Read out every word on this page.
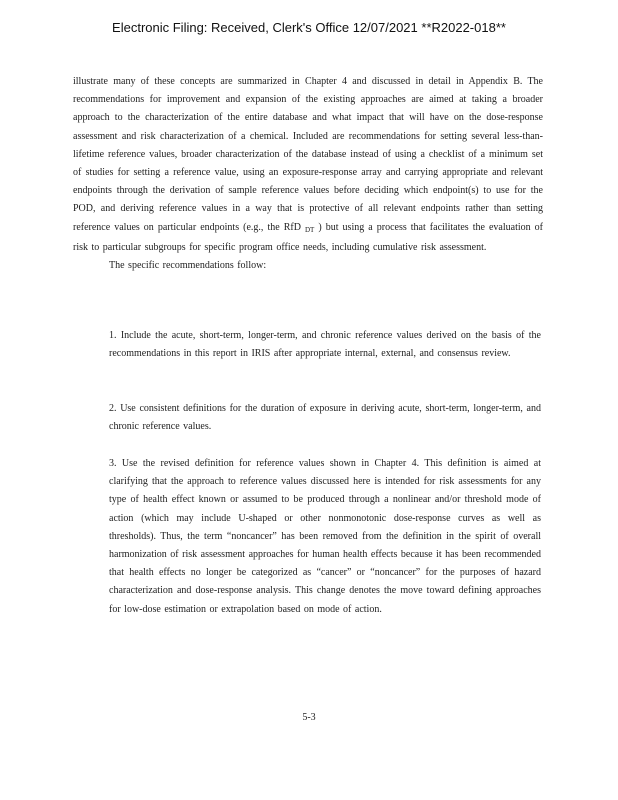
Electronic Filing: Received, Clerk's Office 12/07/2021 **R2022-018**
illustrate many of these concepts are summarized in Chapter 4 and discussed in detail in Appendix B. The recommendations for improvement and expansion of the existing approaches are aimed at taking a broader approach to the characterization of the entire database and what impact that will have on the dose-response assessment and risk characterization of a chemical. Included are recommendations for setting several less-than-lifetime reference values, broader characterization of the database instead of using a checklist of a minimum set of studies for setting a reference value, using an exposure-response array and carrying appropriate and relevant endpoints through the derivation of sample reference values before deciding which endpoint(s) to use for the POD, and deriving reference values in a way that is protective of all relevant endpoints rather than setting reference values on particular endpoints (e.g., the RfD $_{DT}$ ) but using a process that facilitates the evaluation of risk to particular subgroups for specific program office needs, including cumulative risk assessment.
The specific recommendations follow:
1. Include the acute, short-term, longer-term, and chronic reference values derived on the basis of the recommendations in this report in IRIS after appropriate internal, external, and consensus review.
2. Use consistent definitions for the duration of exposure in deriving acute, short-term, longer-term, and chronic reference values.
3. Use the revised definition for reference values shown in Chapter 4. This definition is aimed at clarifying that the approach to reference values discussed here is intended for risk assessments for any type of health effect known or assumed to be produced through a nonlinear and/or threshold mode of action (which may include U-shaped or other nonmonotonic dose-response curves as well as thresholds). Thus, the term “noncancer” has been removed from the definition in the spirit of overall harmonization of risk assessment approaches for human health effects because it has been recommended that health effects no longer be categorized as “cancer” or “noncancer” for the purposes of hazard characterization and dose-response analysis. This change denotes the move toward defining approaches for low-dose estimation or extrapolation based on mode of action.
5-3
